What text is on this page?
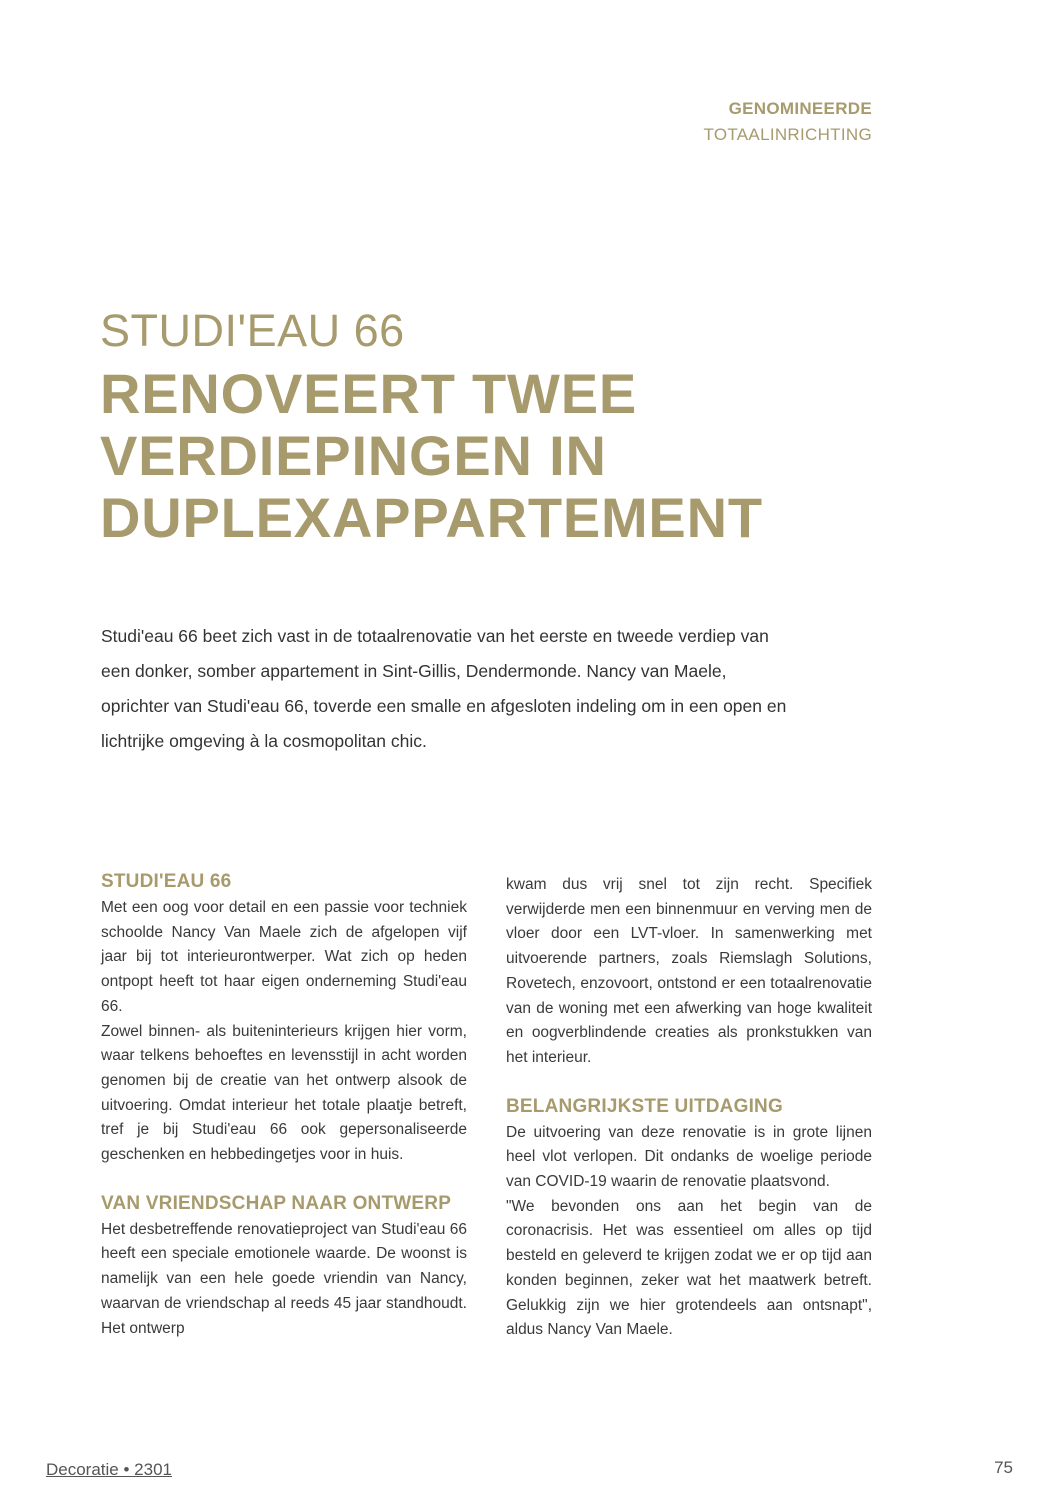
GENOMINEERDE
TOTAALINRICHTING
STUDI'EAU 66
RENOVEERT TWEE
VERDIEPINGEN IN
DUPLEXAPPARTEMENT

Studi'eau 66 beet zich vast in de totaalrenovatie van het eerste en tweede verdiep van een donker, somber appartement in Sint-Gillis, Dendermonde. Nancy van Maele, oprichter van Studi'eau 66, toverde een smalle en afgesloten indeling om in een open en lichtrijke omgeving à la cosmopolitan chic.

STUDI'EAU 66

Met een oog voor detail en een passie voor techniek schoolde Nancy Van Maele zich de afgelopen vijf jaar bij tot interieurontwerper. Wat zich op heden ontpopt heeft tot haar eigen onderneming Studi'eau 66.

Zowel binnen- als buiteninterieurs krijgen hier vorm, waar telkens behoeftes en levensstijl in acht worden genomen bij de creatie van het ontwerp alsook de uitvoering. Omdat interieur het totale plaatje betreft, tref je bij Studi'eau 66 ook gepersonaliseerde geschenken en hebbedingetjes voor in huis.

VAN VRIENDSCHAP NAAR ONTWERP

Het desbetreffende renovatieproject van Studi'eau 66 heeft een speciale emotionele waarde. De woonst is namelijk van een hele goede vriendin van Nancy, waarvan de vriendschap al reeds 45 jaar standhoudt. Het ontwerp

kwam dus vrij snel tot zijn recht. Specifiek verwijderde men een binnenmuur en verving men de vloer door een LVT-vloer. In samenwerking met uitvoerende partners, zoals Riemslagh Solutions, Rovetech, enzovoort, ontstond er een totaalrenovatie van de woning met een afwerking van hoge kwaliteit en oogverblindende creaties als pronkstukken van het interieur.

BELANGRIJKSTE UITDAGING

De uitvoering van deze renovatie is in grote lijnen heel vlot verlopen. Dit ondanks de woelige periode van COVID-19 waarin de renovatie plaatsvond.

"We bevonden ons aan het begin van de coronacrisis. Het was essentieel om alles op tijd besteld en geleverd te krijgen zodat we er op tijd aan konden beginnen, zeker wat het maatwerk betreft. Gelukkig zijn we hier grotendeels aan ontsnapt", aldus Nancy Van Maele.

Decoratie • 2301	75
